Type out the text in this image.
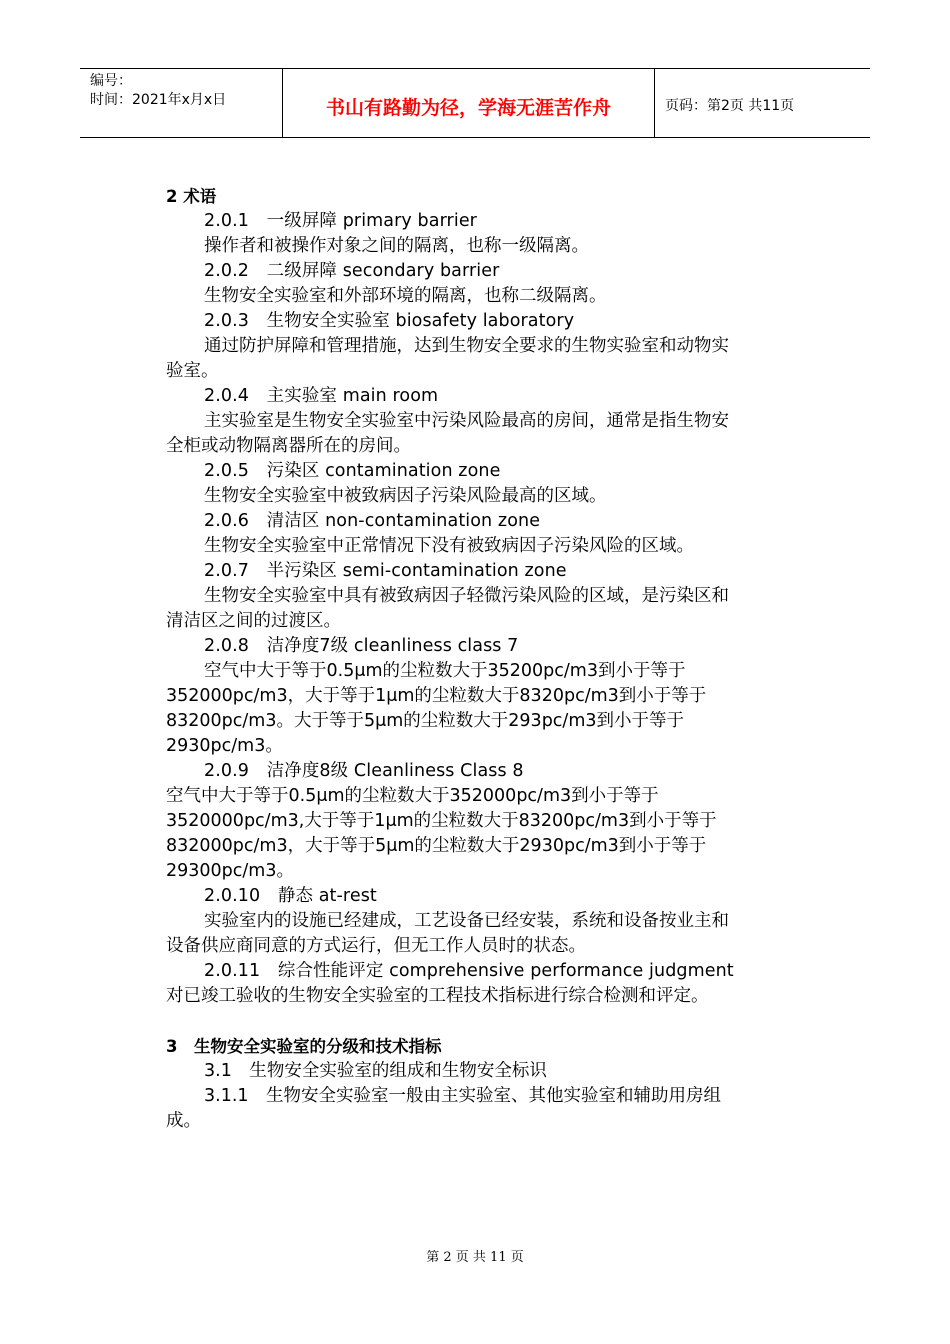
编号：
时间：2021年x月x日	书山有路勤为径，学海无涯苦作舟	页码：第2页 共11页
2 术语
2.0.1　一级屏障 primary barrier
操作者和被操作对象之间的隔离，也称一级隔离。
2.0.2　二级屏障 secondary barrier
生物安全实验室和外部环境的隔离，也称二级隔离。
2.0.3　生物安全实验室 biosafety laboratory
通过防护屏障和管理措施，达到生物安全要求的生物实验室和动物实
验室。
2.0.4　主实验室 main room
主实验室是生物安全实验室中污染风险最高的房间，通常是指生物安
全柜或动物隔离器所在的房间。
2.0.5　污染区 contamination zone
生物安全实验室中被致病因子污染风险最高的区域。
2.0.6　清洁区 non-contamination zone
生物安全实验室中正常情况下没有被致病因子污染风险的区域。
2.0.7　半污染区 semi-contamination zone
生物安全实验室中具有被致病因子轻微污染风险的区域，是污染区和
清洁区之间的过渡区。
2.0.8　洁净度7级 cleanliness class 7
空气中大于等于0.5μm的尘粒数大于35200pc/m3到小于等于
352000pc/m3，大于等于1μm的尘粒数大于8320pc/m3到小于等于
83200pc/m3。大于等于5μm的尘粒数大于293pc/m3到小于等于
2930pc/m3。
2.0.9　洁净度8级 Cleanliness Class 8
空气中大于等于0.5μm的尘粒数大于352000pc/m3到小于等于
3520000pc/m3,大于等于1μm的尘粒数大于83200pc/m3到小于等于
832000pc/m3，大于等于5μm的尘粒数大于2930pc/m3到小于等于
29300pc/m3。
2.0.10　静态 at-rest
实验室内的设施已经建成，工艺设备已经安装，系统和设备按业主和
设备供应商同意的方式运行，但无工作人员时的状态。
2.0.11　综合性能评定 comprehensive performance judgment
对已竣工验收的生物安全实验室的工程技术指标进行综合检测和评定。
3　生物安全实验室的分级和技术指标
3.1　生物安全实验室的组成和生物安全标识
3.1.1　生物安全实验室一般由主实验室、其他实验室和辅助用房组
成。
第 2 页 共 11 页
